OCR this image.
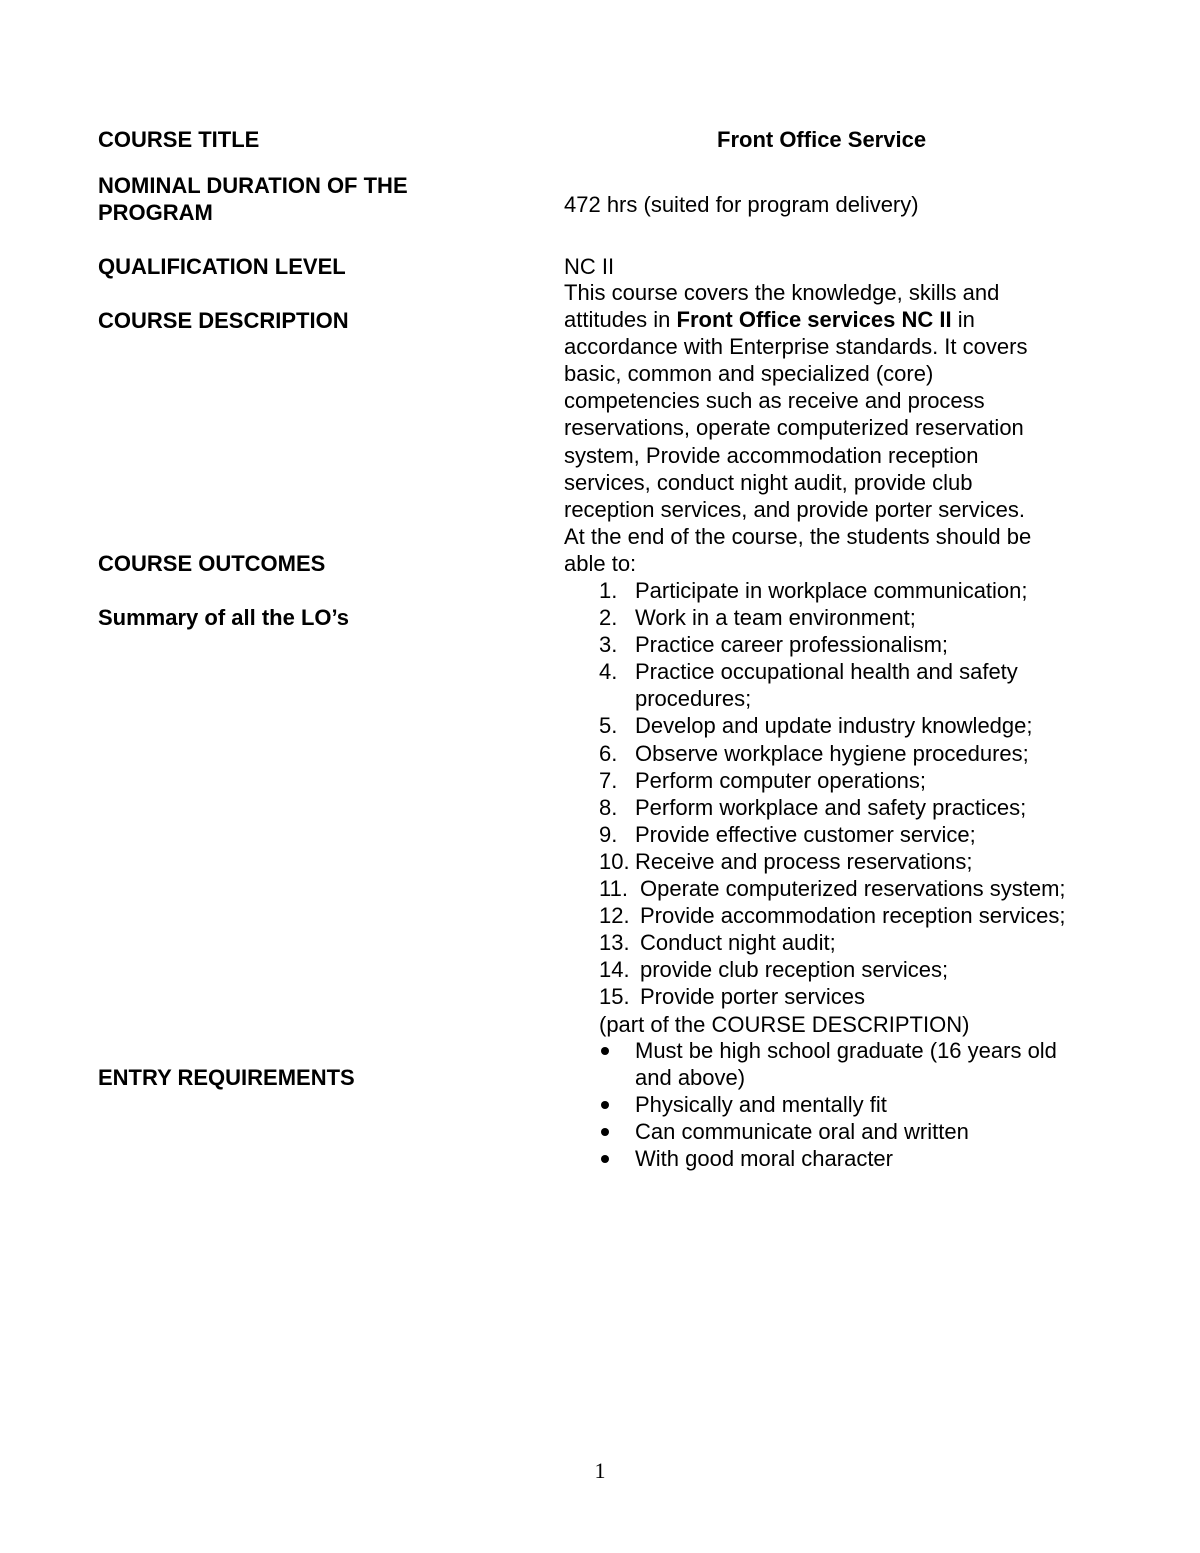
COURSE TITLE
NOMINAL DURATION OF THE
PROGRAM
QUALIFICATION LEVEL
COURSE DESCRIPTION
COURSE OUTCOMES
Summary of all the LO’s
ENTRY REQUIREMENTS
Front Office Service
472 hrs (suited for program delivery)
NC II
This course covers the knowledge, skills and
attitudes in Front Office services NC II in
accordance with Enterprise standards. It covers
basic, common and specialized (core)
competencies such as receive and process
reservations, operate computerized reservation
system, Provide accommodation reception
services, conduct night audit, provide club
reception services, and provide porter services.
At the end of the course, the students should be
able to:
1. Participate in workplace communication;
2. Work in a team environment;
3. Practice career professionalism;
4. Practice occupational health and safety
procedures;
5. Develop and update industry knowledge;
6. Observe workplace hygiene procedures;
7. Perform computer operations;
8. Perform workplace and safety practices;
9. Provide effective customer service;
10. Receive and process reservations;
11. Operate computerized reservations system;
12. Provide accommodation reception services;
13. Conduct night audit;
14. provide club reception services;
15. Provide porter services
(part of the COURSE DESCRIPTION)
Must be high school graduate (16 years old
and above)
Physically and mentally fit
Can communicate oral and written
With good moral character
1
